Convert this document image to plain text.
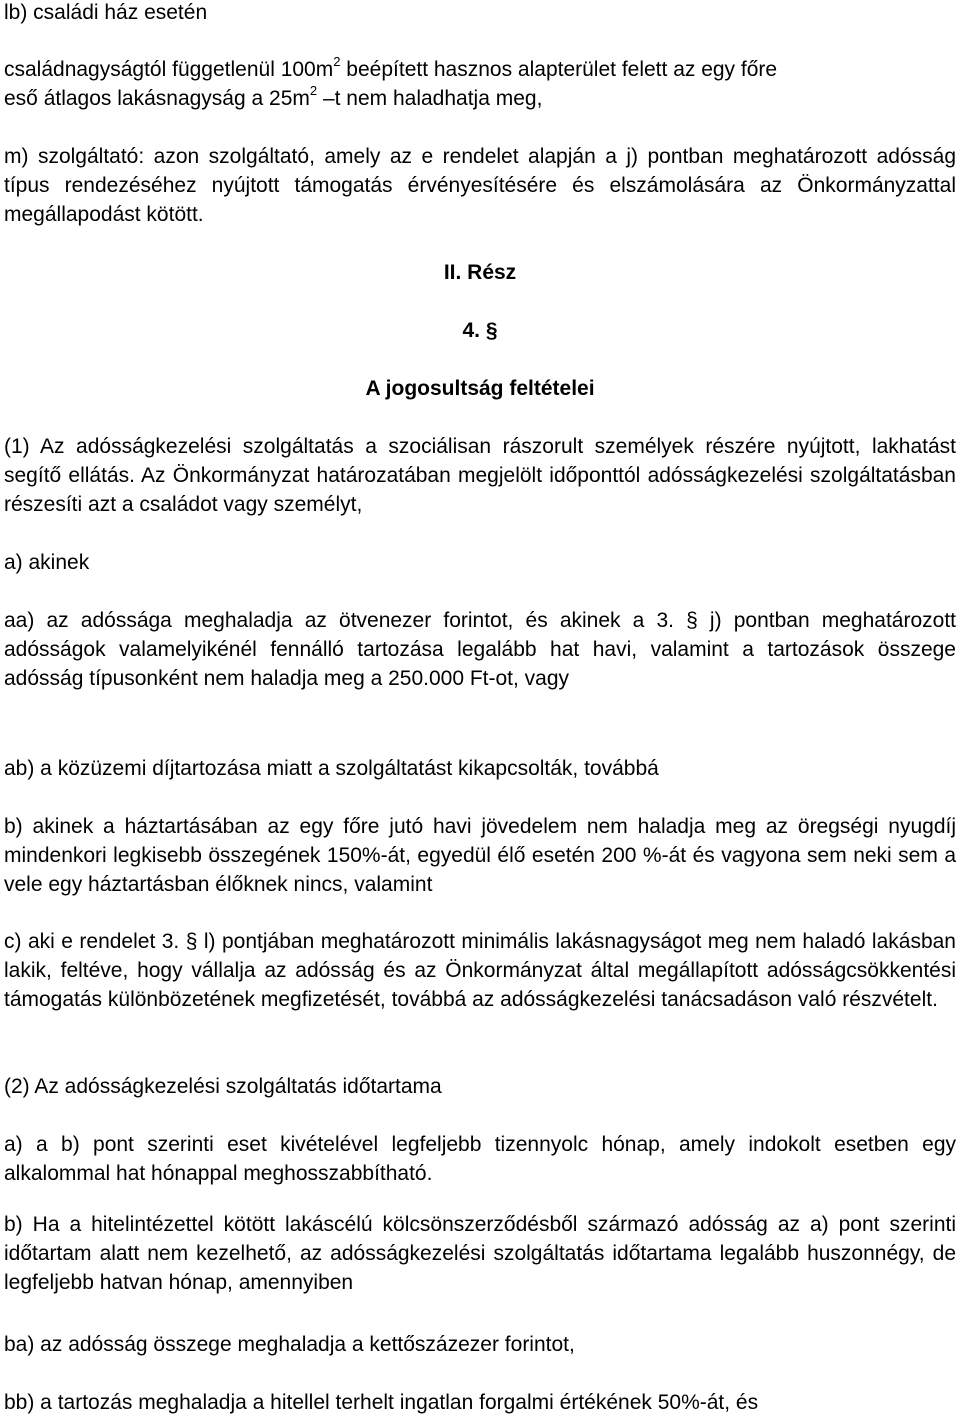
lb) családi ház esetén

családnagyságtól függetlenül $100m^2$ beépített hasznos alapterület felett az egy főre

eső átlagos lakásnagyság a $25m^2$ –t nem haladhatja meg,

m) szolgáltató: azon szolgáltató, amely az e rendelet alapján a j) pontban meghatározott adósság típus rendezéséhez nyújtott támogatás érvényesítésére és elszámolására az Önkormányzattal megállapodást kötött.

II. Rész

4. §

A jogosultság feltételei

(1) Az adósságkezelési szolgáltatás a szociálisan rászorult személyek részére nyújtott, lakhatást segítő ellátás. Az Önkormányzat határozatában megjelölt időponttól adósságkezelési szolgáltatásban részesíti azt a családot vagy személyt,

a) akinek

aa) az adóssága meghaladja az ötvenezer forintot, és akinek a 3. § j) pontban meghatározott adósságok valamelyikénél fennálló tartozása legalább hat havi, valamint a tartozások összege adósság típusonként nem haladja meg a 250.000 Ft-ot, vagy

ab) a közüzemi díjtartozása miatt a szolgáltatást kikapcsolták, továbbá

b) akinek a háztartásában az egy főre jutó havi jövedelem nem haladja meg az öregségi nyugdíj mindenkori legkisebb összegének 150%-át, egyedül élő esetén 200 %-át és vagyona sem neki sem a vele egy háztartásban élőknek nincs, valamint

c) aki e rendelet 3. § l) pontjában meghatározott minimális lakásnagyságot meg nem haladó lakásban lakik, feltéve, hogy vállalja az adósság és az Önkormányzat által megállapított adósságcsökkentési támogatás különbözetének megfizetését, továbbá az adósságkezelési tanácsadáson való részvételt.

(2) Az adósságkezelési szolgáltatás időtartama

a) a b) pont szerinti eset kivételével legfeljebb tizennyolc hónap, amely indokolt esetben egy alkalommal hat hónappal meghosszabbítható.

b) Ha a hitelintézettel kötött lakáscélú kölcsönszerződésből származó adósság az a) pont szerinti időtartam alatt nem kezelhető, az adósságkezelési szolgáltatás időtartama legalább huszonnégy, de legfeljebb hatvan hónap, amennyiben

ba) az adósság összege meghaladja a kettőszázezer forintot,

bb) a tartozás meghaladja a hitellel terhelt ingatlan forgalmi értékének 50%-át, és
